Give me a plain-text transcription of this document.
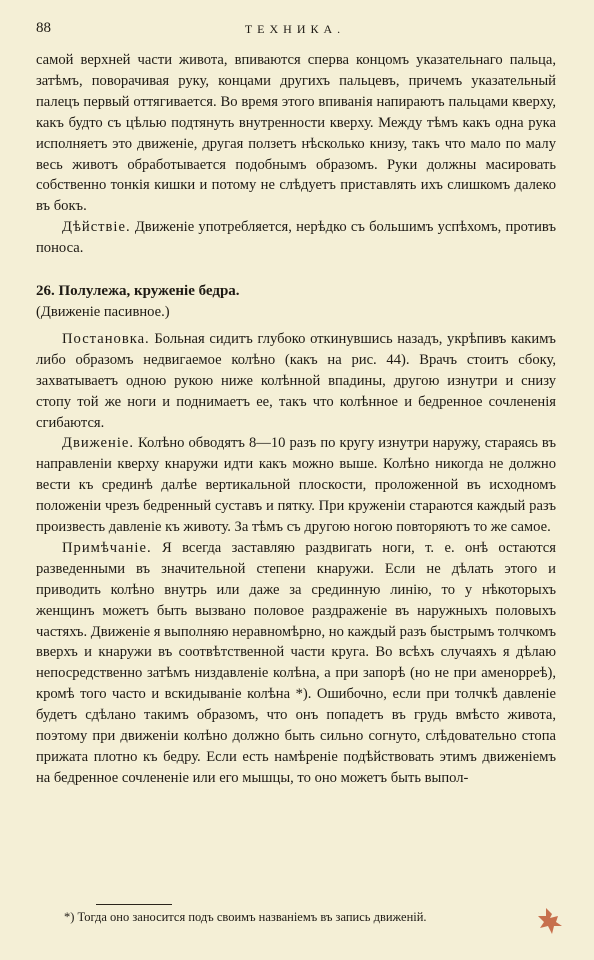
88	ТЕХНИКА.

самой верхней части живота, впиваются сперва концомъ указательнаго пальца, затѣмъ, поворачивая руку, концами другихъ пальцевъ, причемъ указательный палецъ первый оттягивается. Во время этого впиванія напираютъ пальцами кверху, какъ будто съ цѣлью подтянуть внутренности кверху. Между тѣмъ какъ одна рука исполняетъ это движеніе, другая ползетъ нѣсколько книзу, такъ что мало по малу весь животъ обработывается подобнымъ образомъ. Руки должны масировать собственно тонкія кишки и потому не слѣдуетъ приставлять ихъ слишкомъ далеко въ бокъ.

Дѣйствіе. Движеніе употребляется, нерѣдко съ большимъ успѣхомъ, противъ поноса.

26. Полулежа, круженіе бедра.

(Движеніе пасивное.)

Постановка. Больная сидитъ глубоко откинувшись назадъ, укрѣпивъ какимъ либо образомъ недвигаемое колѣно (какъ на рис. 44). Врачъ стоитъ сбоку, захватываетъ одною рукою ниже колѣнной впадины, другою изнутри и снизу стопу той же ноги и поднимаетъ ее, такъ что колѣнное и бедренное сочлененія сгибаются.

Движеніе. Колѣно обводятъ 8—10 разъ по кругу изнутри наружу, стараясь въ направленіи кверху кнаружи идти какъ можно выше. Колѣно никогда не должно вести къ срединѣ далѣе вертикальной плоскости, проложенной въ исходномъ положеніи чрезъ бедренный суставъ и пятку. При круженіи стараются каждый разъ произвесть давленіе къ животу. За тѣмъ съ другою ногою повторяютъ то же самое.

Примѣчаніе. Я всегда заставляю раздвигать ноги, т. е. онѣ остаются разведенными въ значительной степени кнаружи. Если не дѣлать этого и приводить колѣно внутрь или даже за срединную линію, то у нѣкоторыхъ женщинъ можетъ быть вызвано половое раздраженіе въ наружныхъ половыхъ частяхъ. Движеніе я выполняю неравномѣрно, но каждый разъ быстрымъ толчкомъ вверхъ и кнаружи въ соотвѣтственной части круга. Во всѣхъ случаяхъ я дѣлаю непосредственно затѣмъ низдавленіе колѣна, а при запорѣ (но не при аменорреѣ), кромѣ того часто и вскидываніе колѣна *). Ошибочно, если при толчкѣ давленіе будетъ сдѣлано такимъ образомъ, что онъ попадетъ въ грудь вмѣсто живота, поэтому при движеніи колѣно должно быть сильно согнуто, слѣдовательно стопа прижата плотно къ бедру. Если есть намѣреніе подѣйствовать этимъ движеніемъ на бедренное сочлененіе или его мышцы, то оно можетъ быть выпол-

*) Тогда оно заносится подъ своимъ названіемъ въ запись движеній.
